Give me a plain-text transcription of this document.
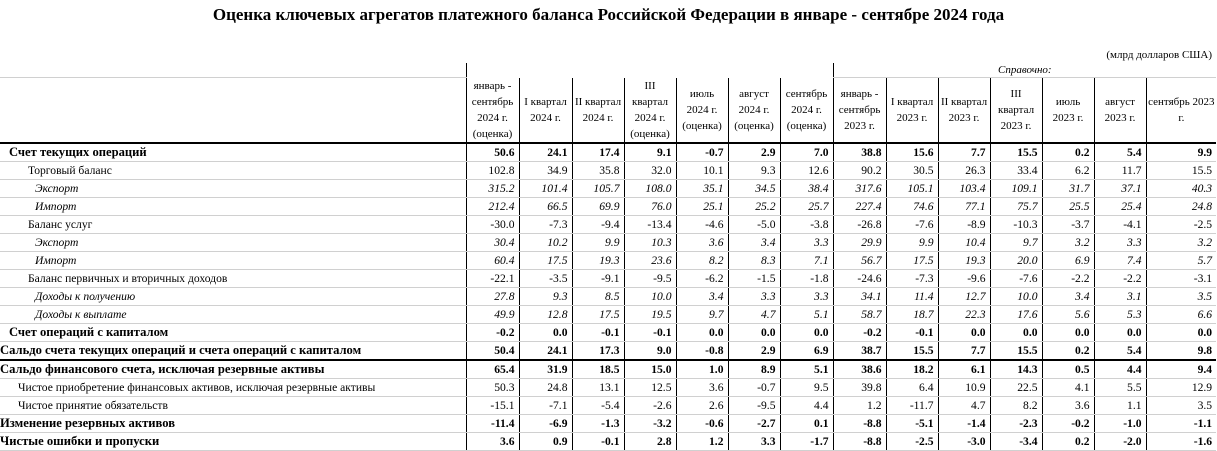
Оценка ключевых агрегатов платежного баланса Российской Федерации в январе - сентябре 2024 года
(млрд долларов США)
								Справочно:						
	январь - сентябрь 2024 г. (оценка)	I квартал 2024 г.	II квартал 2024 г.	III квартал 2024 г. (оценка)	июль 2024 г. (оценка)	август 2024 г. (оценка)	сентябрь 2024 г. (оценка)	январь - сентябрь 2023 г.	I квартал 2023 г.	II квартал 2023 г.	III квартал 2023 г.	июль 2023 г.	август 2023 г.	сентябрь 2023 г.
Счет текущих операций	50.6	24.1	17.4	9.1	-0.7	2.9	7.0	38.8	15.6	7.7	15.5	0.2	5.4	9.9
Торговый баланс	102.8	34.9	35.8	32.0	10.1	9.3	12.6	90.2	30.5	26.3	33.4	6.2	11.7	15.5
Экспорт	315.2	101.4	105.7	108.0	35.1	34.5	38.4	317.6	105.1	103.4	109.1	31.7	37.1	40.3
Импорт	212.4	66.5	69.9	76.0	25.1	25.2	25.7	227.4	74.6	77.1	75.7	25.5	25.4	24.8
Баланс услуг	-30.0	-7.3	-9.4	-13.4	-4.6	-5.0	-3.8	-26.8	-7.6	-8.9	-10.3	-3.7	-4.1	-2.5
Экспорт	30.4	10.2	9.9	10.3	3.6	3.4	3.3	29.9	9.9	10.4	9.7	3.2	3.3	3.2
Импорт	60.4	17.5	19.3	23.6	8.2	8.3	7.1	56.7	17.5	19.3	20.0	6.9	7.4	5.7
Баланс первичных и вторичных доходов	-22.1	-3.5	-9.1	-9.5	-6.2	-1.5	-1.8	-24.6	-7.3	-9.6	-7.6	-2.2	-2.2	-3.1
Доходы к получению	27.8	9.3	8.5	10.0	3.4	3.3	3.3	34.1	11.4	12.7	10.0	3.4	3.1	3.5
Доходы к выплате	49.9	12.8	17.5	19.5	9.7	4.7	5.1	58.7	18.7	22.3	17.6	5.6	5.3	6.6
Счет операций с капиталом	-0.2	0.0	-0.1	-0.1	0.0	0.0	0.0	-0.2	-0.1	0.0	0.0	0.0	0.0	0.0
Сальдо счета текущих операций и счета операций с капиталом	50.4	24.1	17.3	9.0	-0.8	2.9	6.9	38.7	15.5	7.7	15.5	0.2	5.4	9.8
Сальдо финансового счета, исключая резервные активы	65.4	31.9	18.5	15.0	1.0	8.9	5.1	38.6	18.2	6.1	14.3	0.5	4.4	9.4
Чистое приобретение финансовых активов, исключая резервные активы	50.3	24.8	13.1	12.5	3.6	-0.7	9.5	39.8	6.4	10.9	22.5	4.1	5.5	12.9
Чистое принятие обязательств	-15.1	-7.1	-5.4	-2.6	2.6	-9.5	4.4	1.2	-11.7	4.7	8.2	3.6	1.1	3.5
Изменение резервных активов	-11.4	-6.9	-1.3	-3.2	-0.6	-2.7	0.1	-8.8	-5.1	-1.4	-2.3	-0.2	-1.0	-1.1
Чистые ошибки и пропуски	3.6	0.9	-0.1	2.8	1.2	3.3	-1.7	-8.8	-2.5	-3.0	-3.4	0.2	-2.0	-1.6
